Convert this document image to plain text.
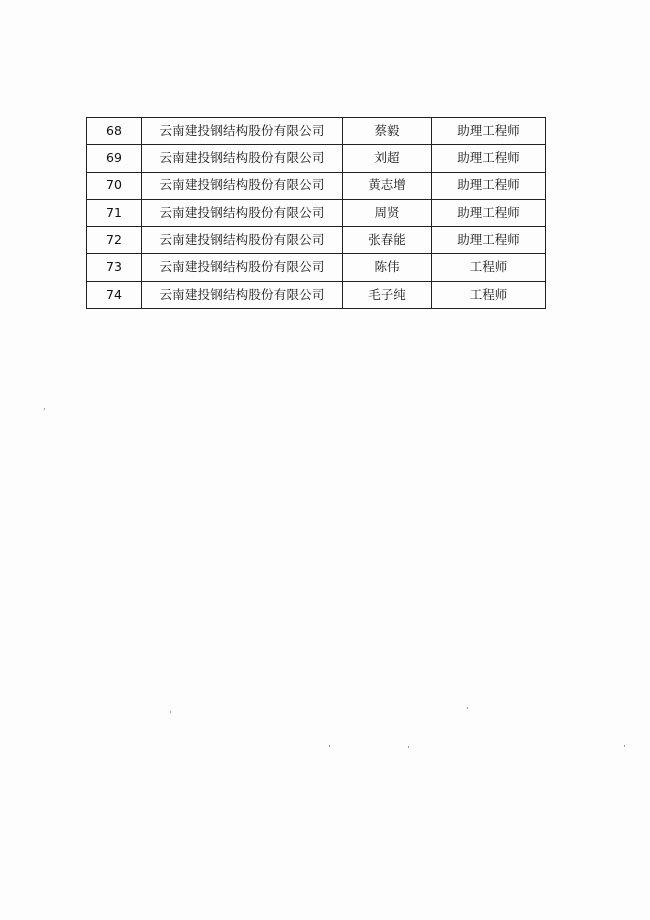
68	云南建投钢结构股份有限公司	蔡毅	助理工程师
69	云南建投钢结构股份有限公司	刘超	助理工程师
70	云南建投钢结构股份有限公司	黄志增	助理工程师
71	云南建投钢结构股份有限公司	周贤	助理工程师
72	云南建投钢结构股份有限公司	张春能	助理工程师
73	云南建投钢结构股份有限公司	陈伟	工程师
74	云南建投钢结构股份有限公司	毛子纯	工程师
